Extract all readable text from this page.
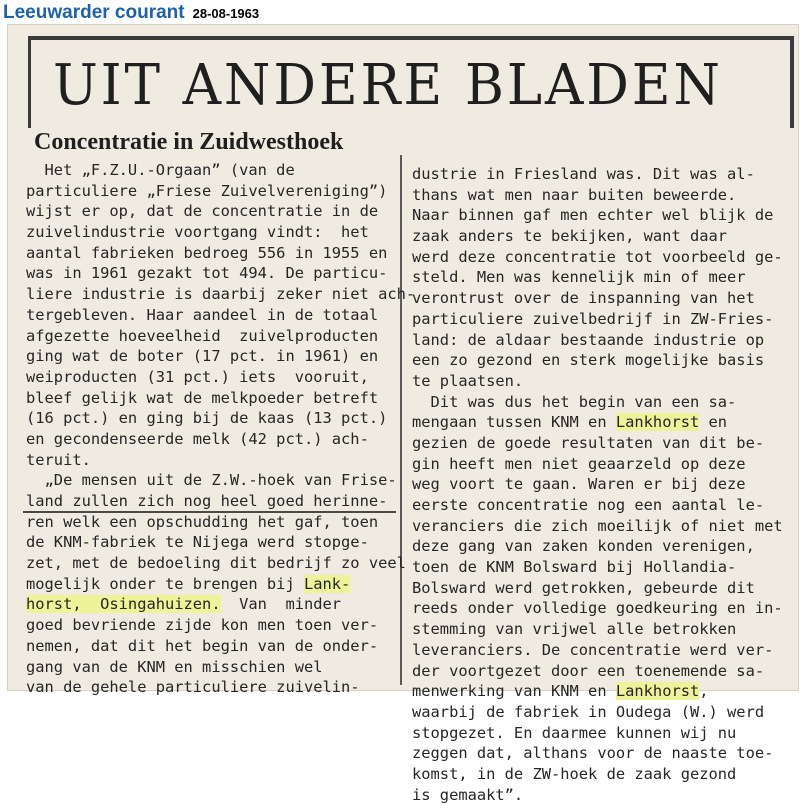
Leeuwarder courant 28-08-1963
UIT ANDERE BLADEN
Concentratie in Zuidwesthoek
Het „F.Z.U.-Orgaan” (van de
particuliere „Friese Zuivelvereniging”)
wijst er op, dat de concentratie in de
zuivelindustrie voortgang vindt:  het
aantal fabrieken bedroeg 556 in 1955 en
was in 1961 gezakt tot 494. De particu-
liere industrie is daarbij zeker niet ach-
tergebleven. Haar aandeel in de totaal
afgezette hoeveelheid  zuivelproducten
ging wat de boter (17 pct. in 1961) en
weiproducten (31 pct.) iets  vooruit,
bleef gelijk wat de melkpoeder betreft
(16 pct.) en ging bij de kaas (13 pct.)
en gecondenseerde melk (42 pct.) ach-
teruit.
„De mensen uit de Z.W.-hoek van Frise-
land zullen zich nog heel goed herinne-
ren welk een opschudding het gaf, toen
de KNM-fabriek te Nijega werd stopge-
zet, met de bedoeling dit bedrijf zo veel
mogelijk onder te brengen bij Lank-
horst,  Osingahuizen.  Van  minder
goed bevriende zijde kon men toen ver-
nemen, dat dit het begin van de onder-
gang van de KNM en misschien wel
van de gehele particuliere zuivelin-
dustrie in Friesland was. Dit was al-
thans wat men naar buiten beweerde.
Naar binnen gaf men echter wel blijk de
zaak anders te bekijken, want daar
werd deze concentratie tot voorbeeld ge-
steld. Men was kennelijk min of meer
verontrust over de inspanning van het
particuliere zuivelbedrijf in ZW-Fries-
land: de aldaar bestaande industrie op
een zo gezond en sterk mogelijke basis
te plaatsen.
Dit was dus het begin van een sa-
mengaan tussen KNM en Lankhorst en
gezien de goede resultaten van dit be-
gin heeft men niet geaarzeld op deze
weg voort te gaan. Waren er bij deze
eerste concentratie nog een aantal le-
veranciers die zich moeilijk of niet met
deze gang van zaken konden verenigen,
toen de KNM Bolsward bij Hollandia-
Bolsward werd getrokken, gebeurde dit
reeds onder volledige goedkeuring en in-
stemming van vrijwel alle betrokken
leveranciers. De concentratie werd ver-
der voortgezet door een toenemende sa-
menwerking van KNM en Lankhorst,
waarbij de fabriek in Oudega (W.) werd
stopgezet. En daarmee kunnen wij nu
zeggen dat, althans voor de naaste toe-
komst, in de ZW-hoek de zaak gezond
is gemaakt”.
